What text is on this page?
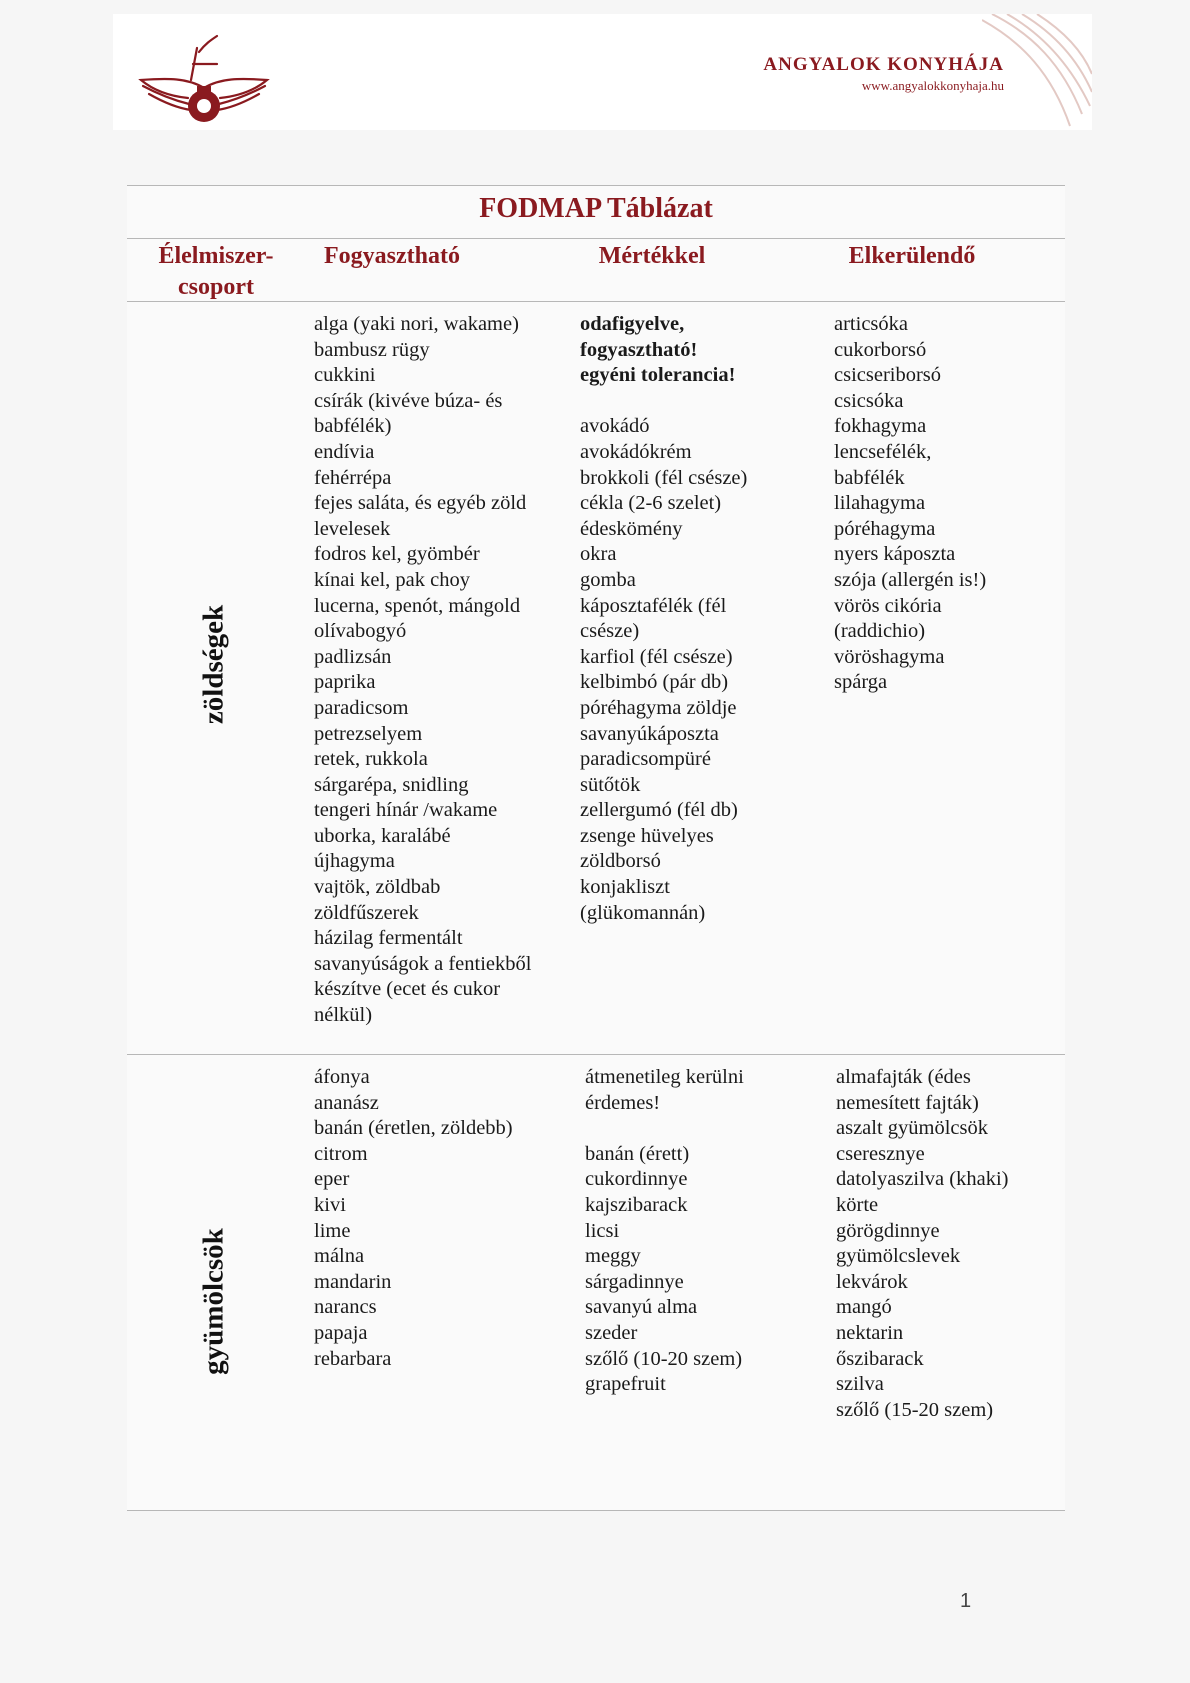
ANGYALOK KONYHÁJA
www.angyalokkonyhaja.hu
FODMAP Táblázat
Élelmiszer-
csoport
Fogyasztható	Mértékkel	Elkerülendő
zöldségek
alga (yaki nori, wakame)
bambusz rügy
cukkini
csírák (kivéve búza- és
babfélék)
endívia
fehérrépa
fejes saláta, és egyéb zöld
levelesek
fodros kel, gyömbér
kínai kel, pak choy
lucerna, spenót, mángold
olívabogyó
padlizsán
paprika
paradicsom
petrezselyem
retek, rukkola
sárgarépa, snidling
tengeri hínár /wakame
uborka, karalábé
újhagyma
vajtök, zöldbab
zöldfűszerek
házilag fermentált
savanyúságok a fentiekből
készítve (ecet és cukor
nélkül)
odafigyelve,
fogyasztható!
egyéni tolerancia!
avokádó
avokádókrém
brokkoli (fél csésze)
cékla (2-6 szelet)
édeskömény
okra
gomba
káposztafélék (fél
csésze)
karfiol (fél csésze)
kelbimbó (pár db)
póréhagyma zöldje
savanyúkáposzta
paradicsompüré
sütőtök
zellergumó (fél db)
zsenge hüvelyes
zöldborsó
konjakliszt
(glükomannán)
articsóka
cukorborsó
csicseriborsó
csicsóka
fokhagyma
lencsefélék,
babfélék
lilahagyma
póréhagyma
nyers káposzta
szója (allergén is!)
vörös cikória
(raddichio)
vöröshagyma
spárga
gyümölcsök
áfonya
ananász
banán (éretlen, zöldebb)
citrom
eper
kivi
lime
málna
mandarin
narancs
papaja
rebarbara
átmenetileg kerülni
érdemes!
banán (érett)
cukordinnye
kajszibarack
licsi
meggy
sárgadinnye
savanyú alma
szeder
szőlő (10-20 szem)
grapefruit
almafajták (édes
nemesített fajták)
aszalt gyümölcsök
cseresznye
datolyaszilva (khaki)
körte
görögdinnye
gyümölcslevek
lekvárok
mangó
nektarin
őszibarack
szilva
szőlő (15-20 szem)
1
